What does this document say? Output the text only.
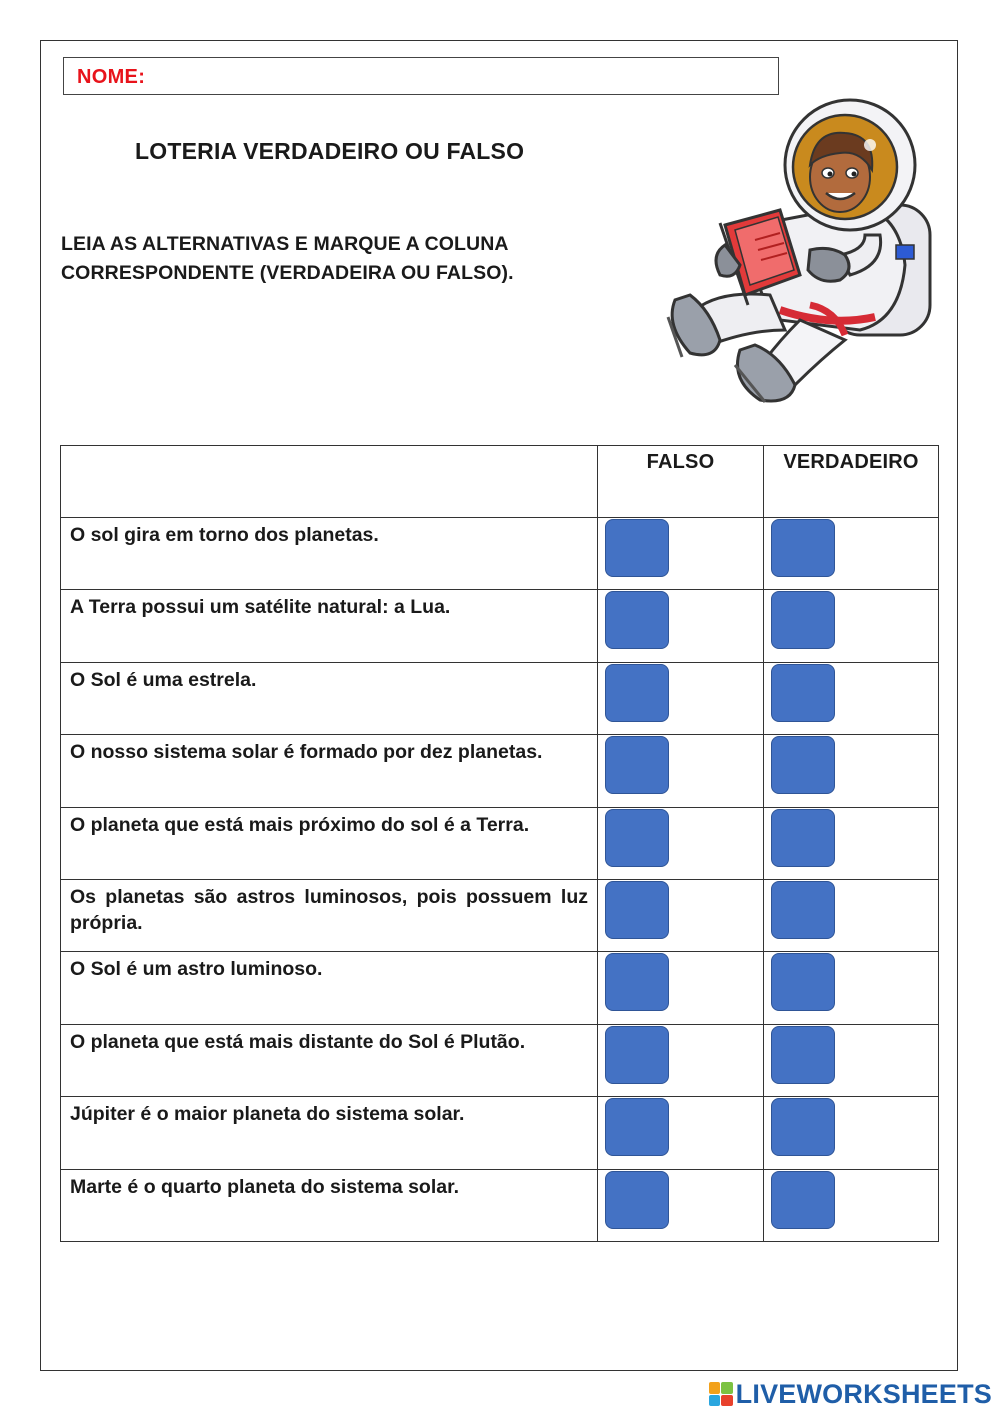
NOME:
LOTERIA VERDADEIRO OU FALSO
LEIA AS ALTERNATIVAS E MARQUE A COLUNA
CORRESPONDENTE (VERDADEIRA OU FALSO).
	FALSO	VERDADEIRO
O sol gira em torno dos planetas.	

A Terra possui um satélite natural: a Lua.	

O Sol é uma estrela.	

O nosso sistema solar é formado por dez planetas.	

O planeta que está mais próximo do sol é a Terra.	

Os planetas são astros luminosos, pois possuem luz própria.	

O Sol é um astro luminoso.	

O planeta que está mais distante do Sol é Plutão.	

Júpiter é o maior planeta do sistema solar.	

Marte é o quarto planeta do sistema solar.	

LIVEWORKSHEETS
